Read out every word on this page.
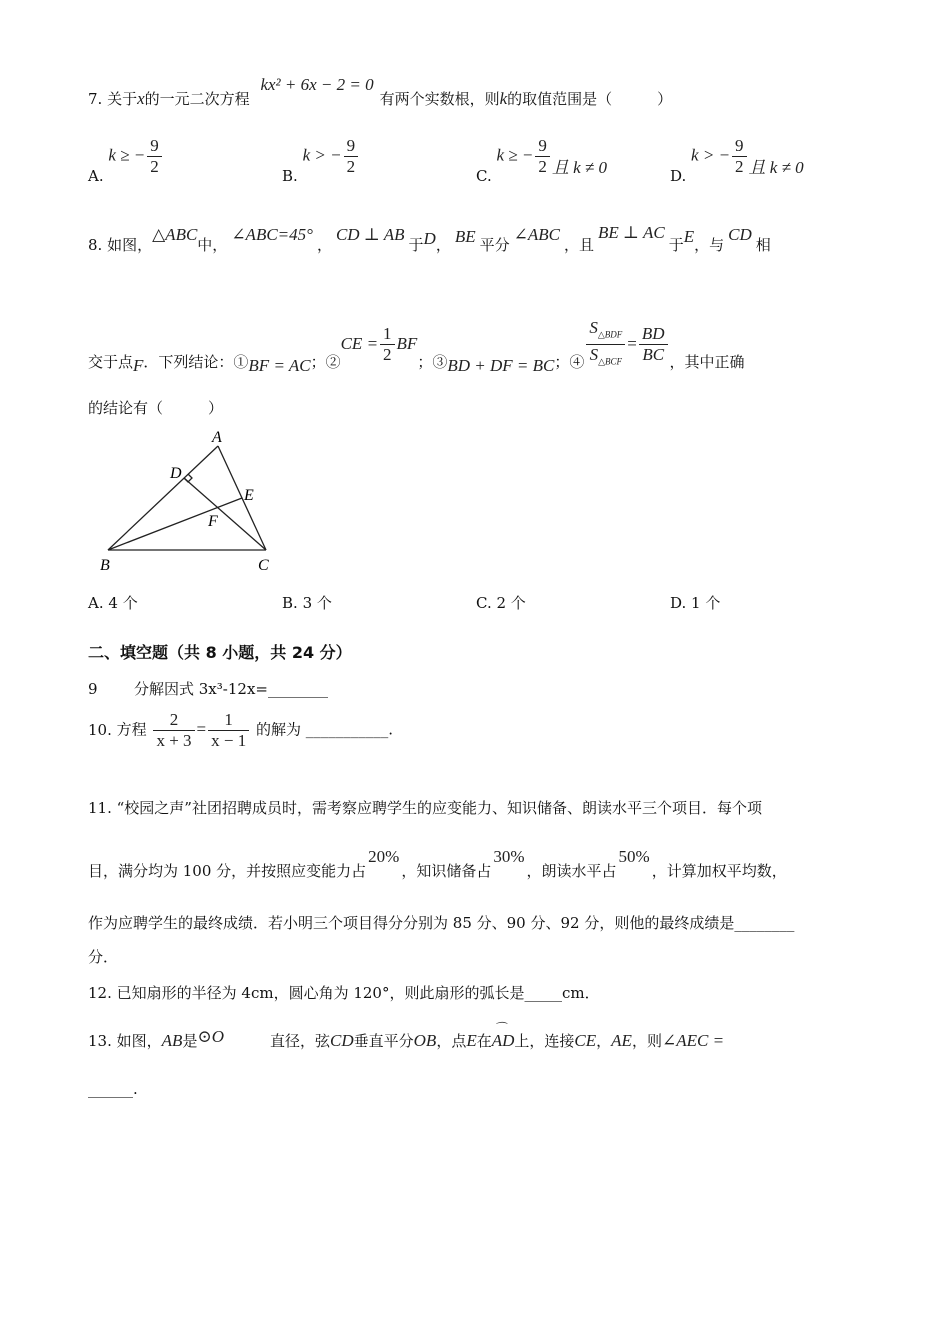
7. 关于x的一元二次方程 kx² + 6x − 2 = 0有两个实数根，则k的取值范围是（　　　）
A. k ≥ − $\frac{9}{2}$	B. k > − $\frac{9}{2}$	C. k ≥ − $\frac{9}{2}$ 且 k ≠ 0	D. k > − $\frac{9}{2}$ 且 k ≠ 0
8. 如图，△ABC中，∠ABC=45°，CD ⊥ AB于D， BE 平分∠ABC，且BE ⊥ AC于E，与CD相
交于点F．下列结论：①BF = AC；②CE = $\frac{1}{2}$ BF；③BD + DF = BC；④ $\frac{S_{\triangle BDF}}{S_{\triangle BCF}} = \frac{BD}{BC}$ ，其中正确
的结论有（　　　）
A
B	C
D
E
F
A. 4 个	B. 3 个	C. 2 个	D. 1 个
二、填空题（共 8 小题，共 24 分）
9 分解因式 3x³-12x=________
10. 方程 $\frac{2}{x + 3} = \frac{1}{x - 1}$ 的解为 ___________.
11. “校园之声”社团招聘成员时，需考察应聘学生的应变能力、知识储备、朗读水平三个项目．每个项
目，满分均为 100 分，并按照应变能力占20%，知识储备占30%，朗读水平占50%，计算加权平均数，
作为应聘学生的最终成绩．若小明三个项目得分分别为 85 分、90 分、92 分，则他的最终成绩是________
分．
12. 已知扇形的半径为 4cm，圆心角为 120°，则此扇形的弧长是_____cm．
13. 如图，AB是⊙O	直径，弦CD垂直平分OB，点E在
⌒
AD上，连接CE，AE，则∠AEC =
______.
